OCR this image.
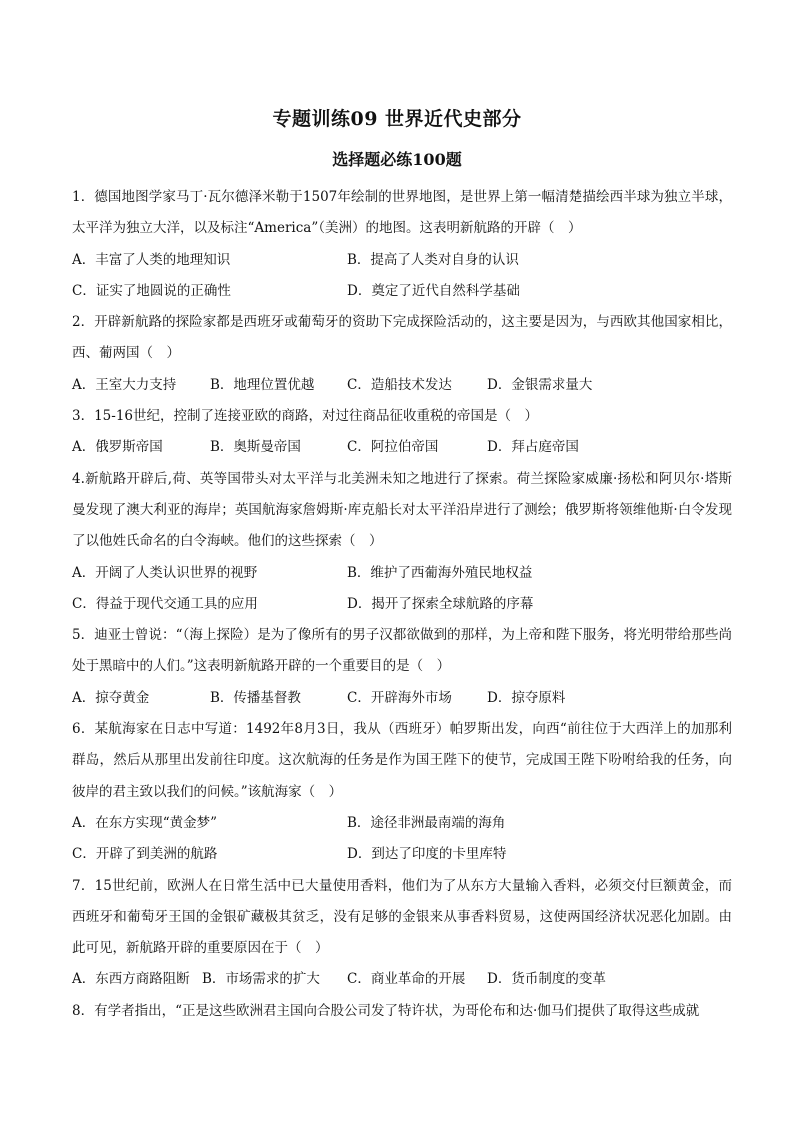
专题训练09 世界近代史部分
选择题必练100题
1．德国地图学家马丁·瓦尔德泽米勒于1507年绘制的世界地图，是世界上第一幅清楚描绘西半球为独立半球，太平洋为独立大洋，以及标注“America”（美洲）的地图。这表明新航路的开辟（　）
A．丰富了人类的地理知识	B．提高了人类对自身的认识
C．证实了地圆说的正确性	D．奠定了近代自然科学基础
2．开辟新航路的探险家都是西班牙或葡萄牙的资助下完成探险活动的，这主要是因为，与西欧其他国家相比，西、葡两国（　）
A．王室大力支持	B．地理位置优越 C．造船技术发达	D．金银需求量大
3．15-16世纪，控制了连接亚欧的商路，对过往商品征收重税的帝国是（　）
A．俄罗斯帝国	B．奥斯曼帝国	C．阿拉伯帝国	D．拜占庭帝国
4.新航路开辟后,荷、英等国带头对太平洋与北美洲未知之地进行了探索。荷兰探险家威廉·扬松和阿贝尔·塔斯曼发现了澳大利亚的海岸；英国航海家詹姆斯·库克船长对太平洋沿岸进行了测绘；俄罗斯将领维他斯·白令发现了以他姓氏命名的白令海峡。他们的这些探索（　）
A．开阔了人类认识世界的视野	B．维护了西葡海外殖民地权益
C．得益于现代交通工具的应用	D．揭开了探索全球航路的序幕
5．迪亚士曾说：“（海上探险）是为了像所有的男子汉都欲做到的那样，为上帝和陛下服务，将光明带给那些尚处于黑暗中的人们。”这表明新航路开辟的一个重要目的是（　）
A．掠夺黄金	B．传播基督教	C．开辟海外市场	D．掠夺原料
6．某航海家在日志中写道：1492年8月3日，我从（西班牙）帕罗斯出发，向西“前往位于大西洋上的加那利群岛，然后从那里出发前往印度。这次航海的任务是作为国王陛下的使节，完成国王陛下吩咐给我的任务，向彼岸的君主致以我们的问候。”该航海家（　）
A．在东方实现“黄金梦”	B．途径非洲最南端的海角
C．开辟了到美洲的航路	D．到达了印度的卡里库特
7．15世纪前，欧洲人在日常生活中已大量使用香料，他们为了从东方大量输入香料，必须交付巨额黄金，而西班牙和葡萄牙王国的金银矿藏极其贫乏，没有足够的金银来从事香料贸易，这使两国经济状况恶化加剧。由此可见，新航路开辟的重要原因在于（　）
A．东西方商路阻断 B．市场需求的扩大 C．商业革命的开展 D．货币制度的变革
8．有学者指出，“正是这些欧洲君主国向合股公司发了特许状，为哥伦布和达·伽马们提供了取得这些成就
